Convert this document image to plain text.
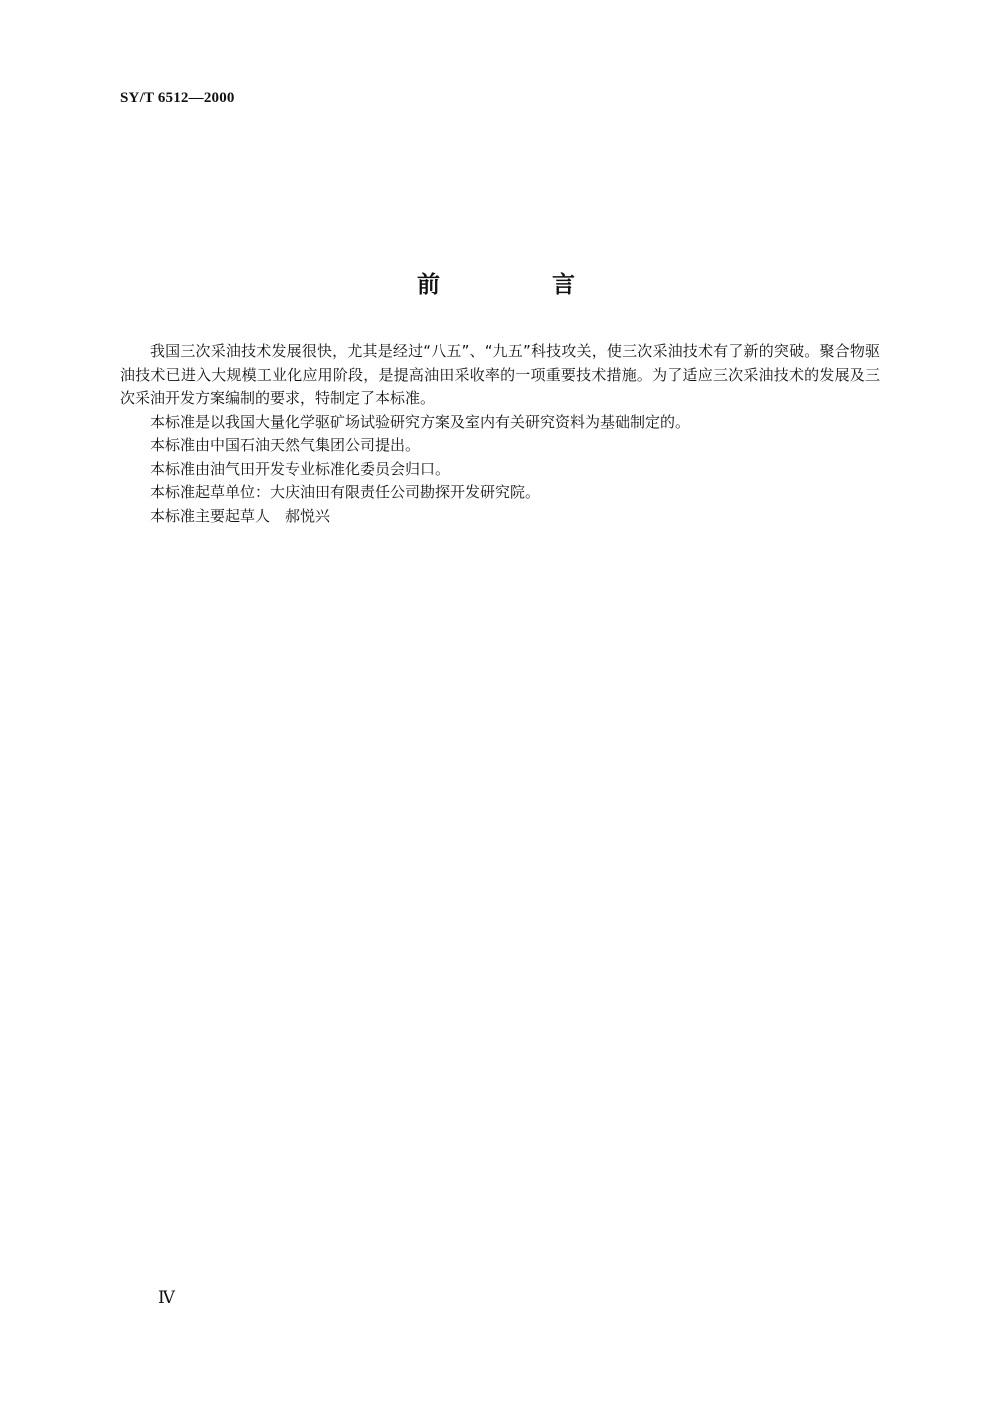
SY/T 6512—2000
前 言

我国三次采油技术发展很快，尤其是经过“八五”、“九五”科技攻关，使三次采油技术有了新的突破。聚合物驱油技术已进入大规模工业化应用阶段，是提高油田采收率的一项重要技术措施。为了适应三次采油技术的发展及三次采油开发方案编制的要求，特制定了本标准。

本标准是以我国大量化学驱矿场试验研究方案及室内有关研究资料为基础制定的。

本标准由中国石油天然气集团公司提出。

本标准由油气田开发专业标准化委员会归口。

本标准起草单位：大庆油田有限责任公司勘探开发研究院。

本标准主要起草人　郝悦兴

Ⅳ
